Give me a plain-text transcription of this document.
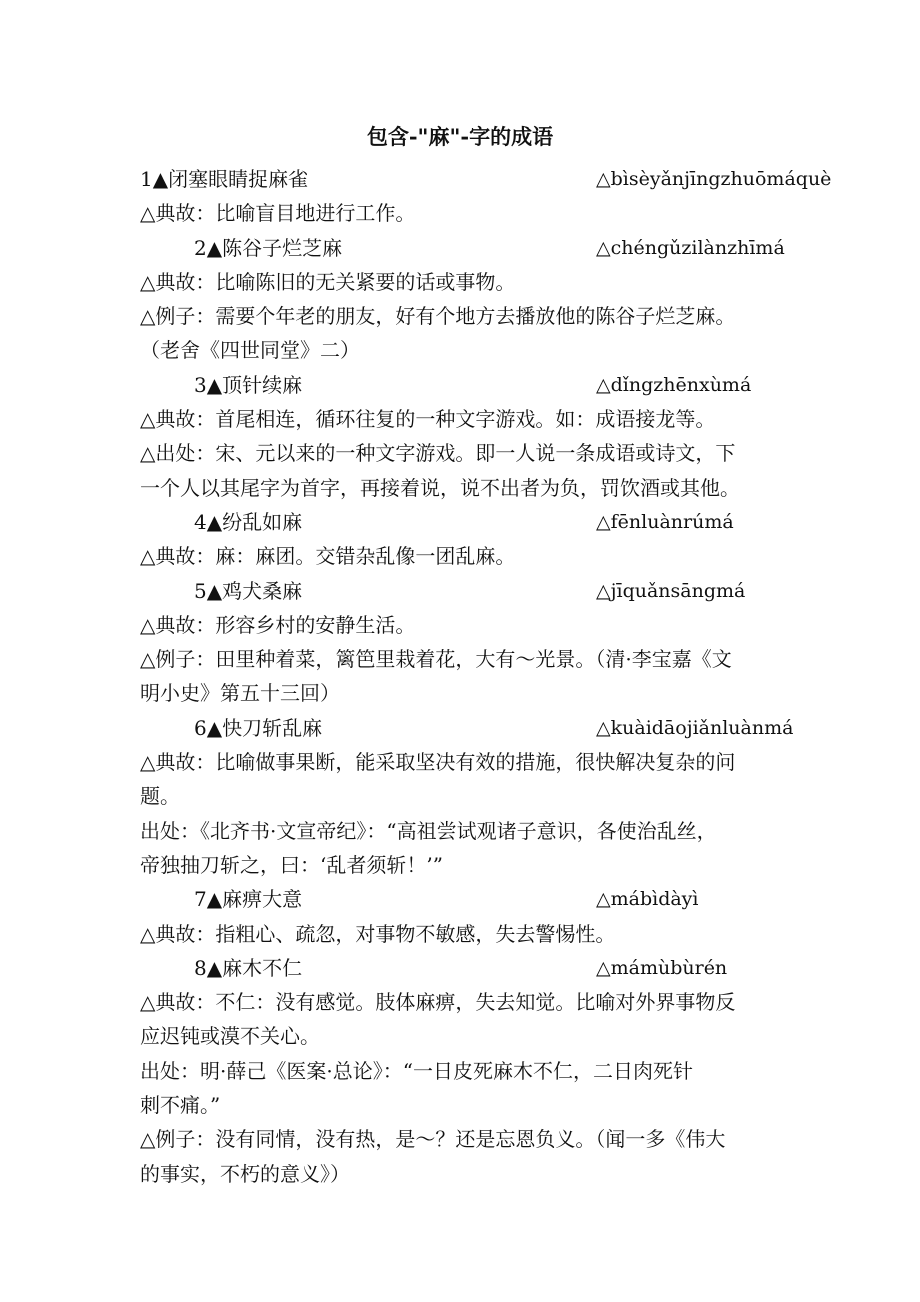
包含-"麻"-字的成语
1▲闭塞眼睛捉麻雀	△bìsèyǎnjīngzhuōmáquè
△典故：比喻盲目地进行工作。
2▲陈谷子烂芝麻	△chéngǔzilànzhīmá
△典故：比喻陈旧的无关紧要的话或事物。
△例子：需要个年老的朋友，好有个地方去播放他的陈谷子烂芝麻。
（老舍《四世同堂》二）
3▲顶针续麻	△dǐngzhēnxùmá
△典故：首尾相连，循环往复的一种文字游戏。如：成语接龙等。
△出处：宋、元以来的一种文字游戏。即一人说一条成语或诗文，下
一个人以其尾字为首字，再接着说，说不出者为负，罚饮酒或其他。
4▲纷乱如麻	△fēnluànrúmá
△典故：麻：麻团。交错杂乱像一团乱麻。
5▲鸡犬桑麻	△jīquǎnsāngmá
△典故：形容乡村的安静生活。
△例子：田里种着菜，篱笆里栽着花，大有～光景。（清·李宝嘉《文
明小史》第五十三回）
6▲快刀斩乱麻	△kuàidāojiǎnluànmá
△典故：比喻做事果断，能采取坚决有效的措施，很快解决复杂的问
题。
出处：《北齐书·文宣帝纪》：“高祖尝试观诸子意识，各使治乱丝，
帝独抽刀斩之，曰：‘乱者须斩！’”
7▲麻痹大意	△mábìdàyì
△典故：指粗心、疏忽，对事物不敏感，失去警惕性。
8▲麻木不仁	△mámùbùrén
△典故：不仁：没有感觉。肢体麻痹，失去知觉。比喻对外界事物反
应迟钝或漠不关心。
出处：明·薛己《医案·总论》：“一日皮死麻木不仁，二日肉死针
刺不痛。”
△例子：没有同情，没有热，是～？还是忘恩负义。（闻一多《伟大
的事实，不朽的意义》）
